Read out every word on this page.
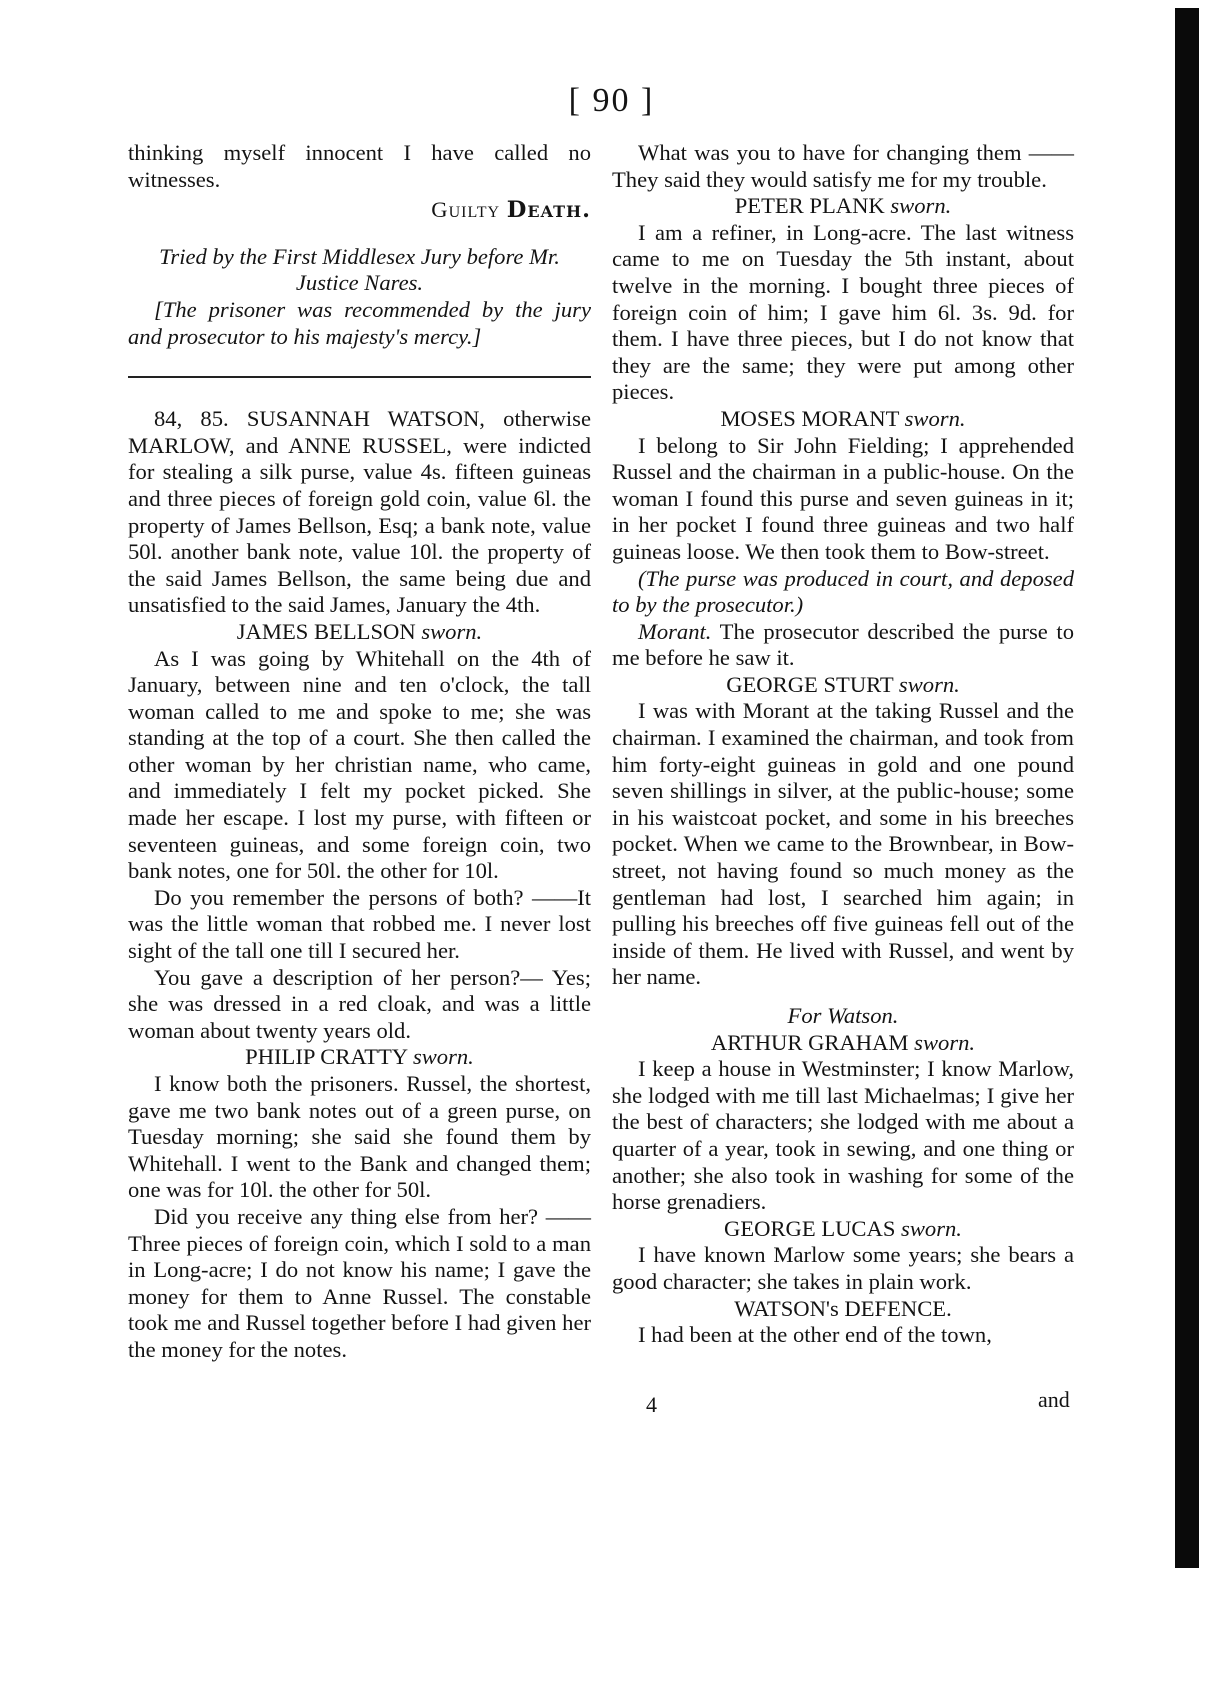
[ 90 ]

thinking myself innocent I have called no witnesses.

Guilty Death.
Tried by the First Middlesex Jury before Mr.
Justice Nares.

[The prisoner was recommended by the jury and prosecutor to his majesty's mercy.]

84, 85. SUSANNAH WATSON, otherwise MARLOW, and ANNE RUSSEL, were indicted for stealing a silk purse, value 4s. fifteen guineas and three pieces of foreign gold coin, value 6l. the property of James Bellson, Esq; a bank note, value 50l. another bank note, value 10l. the property of the said James Bellson, the same being due and unsatisfied to the said James, January the 4th.

JAMES BELLSON sworn.

As I was going by Whitehall on the 4th of January, between nine and ten o'clock, the tall woman called to me and spoke to me; she was standing at the top of a court. She then called the other woman by her christian name, who came, and immediately I felt my pocket picked. She made her escape. I lost my purse, with fifteen or seventeen guineas, and some foreign coin, two bank notes, one for 50l. the other for 10l.

Do you remember the persons of both? ——It was the little woman that robbed me. I never lost sight of the tall one till I secured her.

You gave a description of her person?— Yes; she was dressed in a red cloak, and was a little woman about twenty years old.

PHILIP CRATTY sworn.

I know both the prisoners. Russel, the shortest, gave me two bank notes out of a green purse, on Tuesday morning; she said she found them by Whitehall. I went to the Bank and changed them; one was for 10l. the other for 50l.

Did you receive any thing else from her? ——Three pieces of foreign coin, which I sold to a man in Long-acre; I do not know his name; I gave the money for them to Anne Russel. The constable took me and Russel together before I had given her the money for the notes.

What was you to have for changing them ——They said they would satisfy me for my trouble.

PETER PLANK sworn.

I am a refiner, in Long-acre. The last witness came to me on Tuesday the 5th instant, about twelve in the morning. I bought three pieces of foreign coin of him; I gave him 6l. 3s. 9d. for them. I have three pieces, but I do not know that they are the same; they were put among other pieces.

MOSES MORANT sworn.

I belong to Sir John Fielding; I apprehended Russel and the chairman in a public-house. On the woman I found this purse and seven guineas in it; in her pocket I found three guineas and two half guineas loose. We then took them to Bow-street.

(The purse was produced in court, and deposed to by the prosecutor.)

Morant. The prosecutor described the purse to me before he saw it.

GEORGE STURT sworn.

I was with Morant at the taking Russel and the chairman. I examined the chairman, and took from him forty-eight guineas in gold and one pound seven shillings in silver, at the public-house; some in his waistcoat pocket, and some in his breeches pocket. When we came to the Brownbear, in Bow-street, not having found so much money as the gentleman had lost, I searched him again; in pulling his breeches off five guineas fell out of the inside of them. He lived with Russel, and went by her name.

For Watson.
ARTHUR GRAHAM sworn.

I keep a house in Westminster; I know Marlow, she lodged with me till last Michaelmas; I give her the best of characters; she lodged with me about a quarter of a year, took in sewing, and one thing or another; she also took in washing for some of the horse grenadiers.

GEORGE LUCAS sworn.

I have known Marlow some years; she bears a good character; she takes in plain work.

WATSON's DEFENCE.

I had been at the other end of the town,

4	and
